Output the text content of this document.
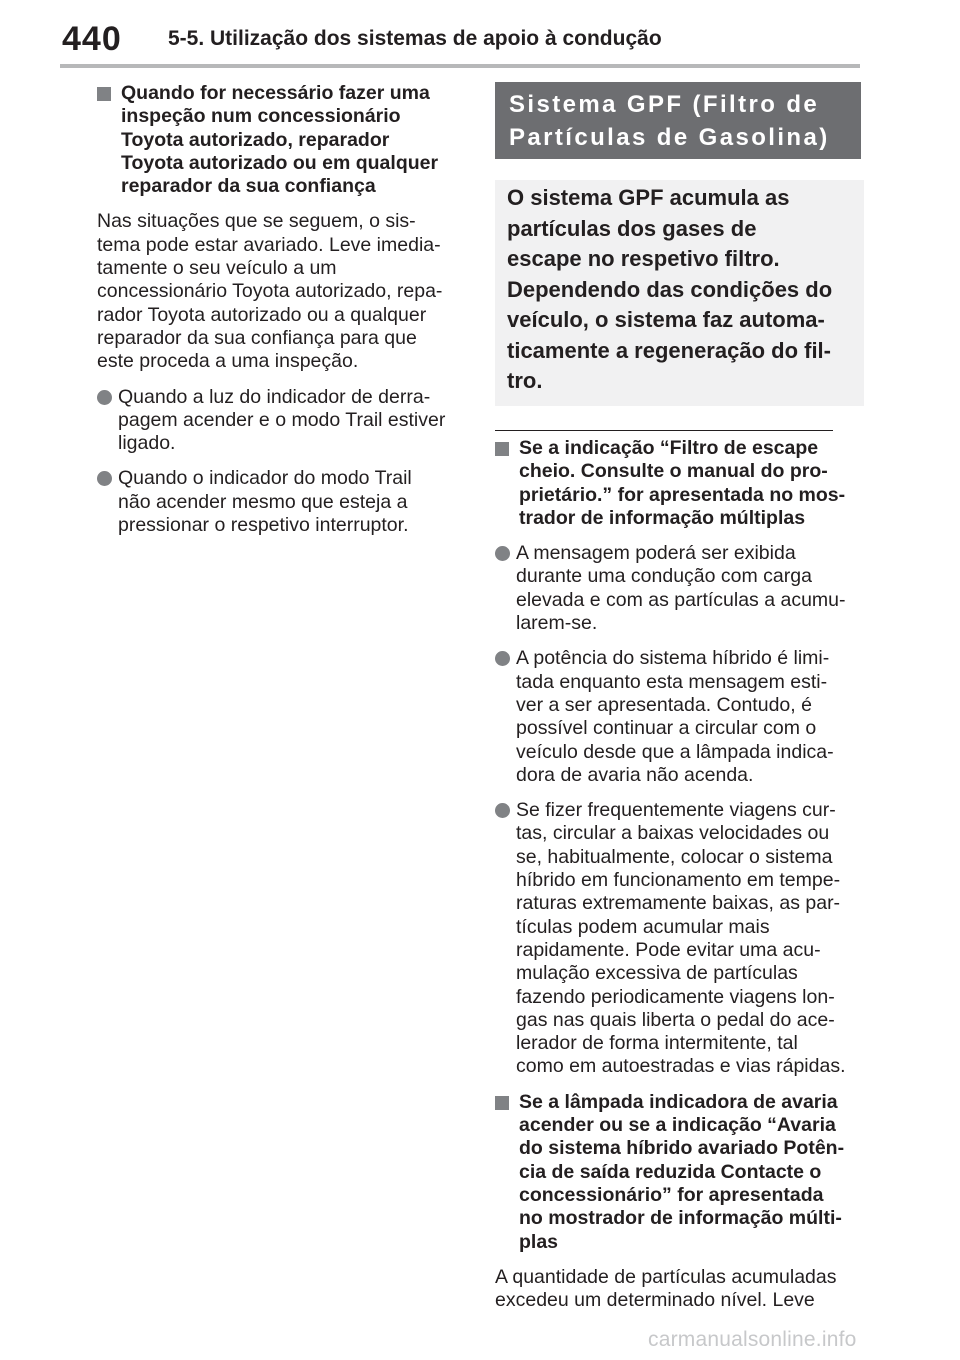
440 5-5. Utilização dos sistemas de apoio à condução
Quando for necessário fazer uma
inspeção num concessionário
Toyota autorizado, reparador
Toyota autorizado ou em qualquer
reparador da sua confiança
Nas situações que se seguem, o sis-
tema pode estar avariado. Leve imedia-
tamente o seu veículo a um
concessionário Toyota autorizado, repa-
rador Toyota autorizado ou a qualquer
reparador da sua confiança para que
este proceda a uma inspeção.
Quando a luz do indicador de derra-
pagem acender e o modo Trail estiver
ligado.
Quando o indicador do modo Trail
não acender mesmo que esteja a
pressionar o respetivo interruptor.
Sistema GPF (Filtro de
Partículas de Gasolina)
O sistema GPF acumula as
partículas dos gases de
escape no respetivo filtro.
Dependendo das condições do
veículo, o sistema faz automa-
ticamente a regeneração do fil-
tro.
Se a indicação “Filtro de escape
cheio. Consulte o manual do pro-
prietário.” for apresentada no mos-
trador de informação múltiplas
A mensagem poderá ser exibida
durante uma condução com carga
elevada e com as partículas a acumu-
larem-se.
A potência do sistema híbrido é limi-
tada enquanto esta mensagem esti-
ver a ser apresentada. Contudo, é
possível continuar a circular com o
veículo desde que a lâmpada indica-
dora de avaria não acenda.
Se fizer frequentemente viagens cur-
tas, circular a baixas velocidades ou
se, habitualmente, colocar o sistema
híbrido em funcionamento em tempe-
raturas extremamente baixas, as par-
tículas podem acumular mais
rapidamente. Pode evitar uma acu-
mulação excessiva de partículas
fazendo periodicamente viagens lon-
gas nas quais liberta o pedal do ace-
lerador de forma intermitente, tal
como em autoestradas e vias rápidas.
Se a lâmpada indicadora de avaria
acender ou se a indicação “Avaria
do sistema híbrido avariado Potên-
cia de saída reduzida Contacte o
concessionário” for apresentada
no mostrador de informação múlti-
plas
A quantidade de partículas acumuladas
excedeu um determinado nível. Leve
carmanualsonline.info
